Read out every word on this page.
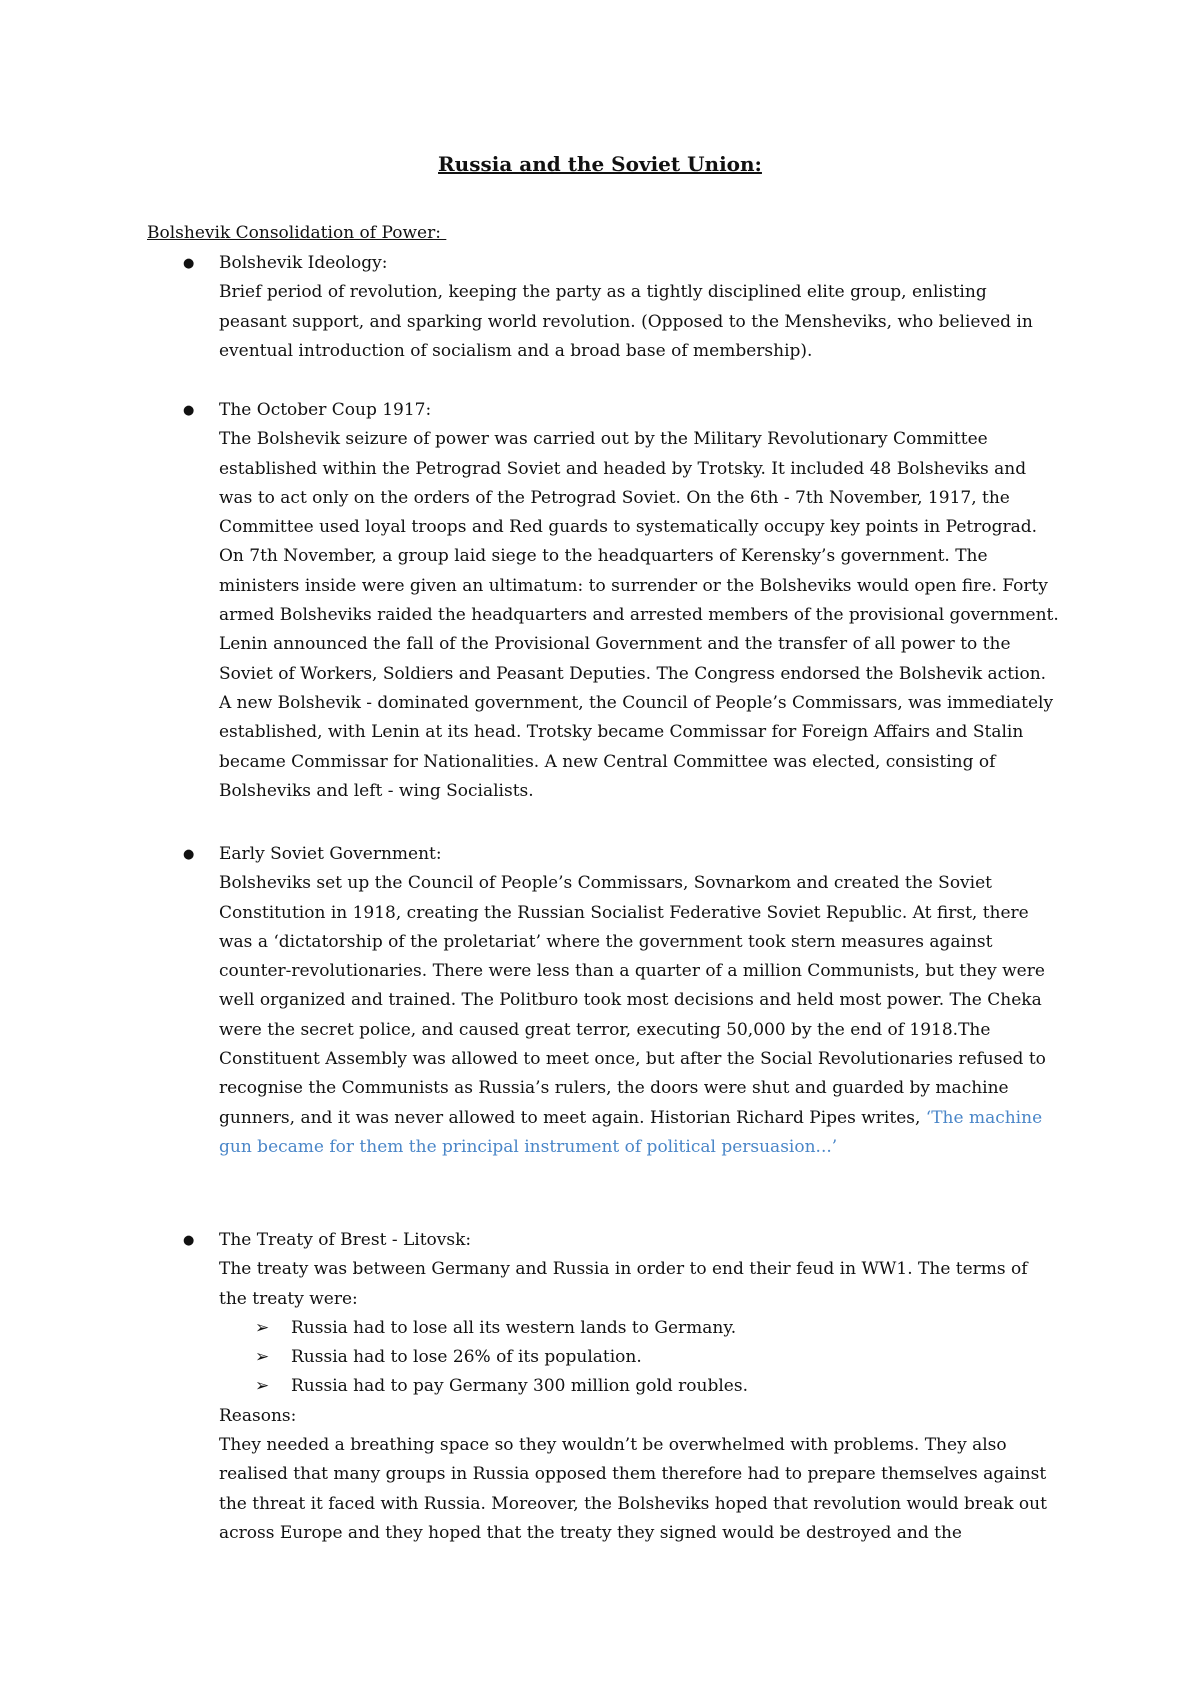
Russia and the Soviet Union:
Bolshevik Consolidation of Power:
●	Bolshevik Ideology:
Brief period of revolution, keeping the party as a tightly disciplined elite group, enlisting peasant support, and sparking world revolution. (Opposed to the Mensheviks, who believed in eventual introduction of socialism and a broad base of membership).
●	The October Coup 1917:
The Bolshevik seizure of power was carried out by the Military Revolutionary Committee established within the Petrograd Soviet and headed by Trotsky. It included 48 Bolsheviks and was to act only on the orders of the Petrograd Soviet. On the 6th - 7th November, 1917, the Committee used loyal troops and Red guards to systematically occupy key points in Petrograd. On 7th November, a group laid siege to the headquarters of Kerensky’s government. The ministers inside were given an ultimatum: to surrender or the Bolsheviks would open fire. Forty armed Bolsheviks raided the headquarters and arrested members of the provisional government. Lenin announced the fall of the Provisional Government and the transfer of all power to the Soviet of Workers, Soldiers and Peasant Deputies. The Congress endorsed the Bolshevik action. A new Bolshevik - dominated government, the Council of People’s Commissars, was immediately established, with Lenin at its head. Trotsky became Commissar for Foreign Affairs and Stalin became Commissar for Nationalities. A new Central Committee was elected, consisting of Bolsheviks and left - wing Socialists.
●	Early Soviet Government:
Bolsheviks set up the Council of People’s Commissars, Sovnarkom and created the Soviet Constitution in 1918, creating the Russian Socialist Federative Soviet Republic. At first, there was a ‘dictatorship of the proletariat’ where the government took stern measures against counter-revolutionaries. There were less than a quarter of a million Communists, but they were well organized and trained. The Politburo took most decisions and held most power. The Cheka were the secret police, and caused great terror, executing 50,000 by the end of 1918.The Constituent Assembly was allowed to meet once, but after the Social Revolutionaries refused to recognise the Communists as Russia’s rulers, the doors were shut and guarded by machine gunners, and it was never allowed to meet again. Historian Richard Pipes writes, ‘The machine gun became for them the principal instrument of political persuasion...’
●	The Treaty of Brest - Litovsk:
The treaty was between Germany and Russia in order to end their feud in WW1. The terms of the treaty were:
➢ Russia had to lose all its western lands to Germany.
➢ Russia had to lose 26% of its population.
➢ Russia had to pay Germany 300 million gold roubles.
Reasons:
They needed a breathing space so they wouldn’t be overwhelmed with problems. They also realised that many groups in Russia opposed them therefore had to prepare themselves against the threat it faced with Russia. Moreover, the Bolsheviks hoped that revolution would break out across Europe and they hoped that the treaty they signed would be destroyed and the
